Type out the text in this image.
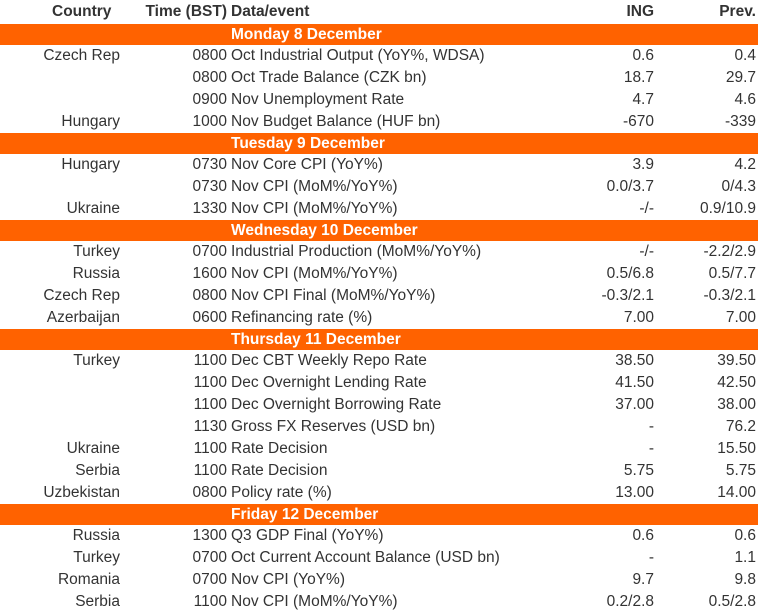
Country	Time (BST)	Data/event	ING	Prev.
		Monday 8 December		
Czech Rep	0800	Oct Industrial Output (YoY%, WDSA)	0.6	0.4
	0800	Oct Trade Balance (CZK bn)	18.7	29.7
	0900	Nov Unemployment Rate	4.7	4.6
Hungary	1000	Nov Budget Balance (HUF bn)	-670	-339
		Tuesday 9 December		
Hungary	0730	Nov Core CPI (YoY%)	3.9	4.2
	0730	Nov CPI (MoM%/YoY%)	0.0/3.7	0/4.3
Ukraine	1330	Nov CPI (MoM%/YoY%)	-/-	0.9/10.9
		Wednesday 10 December		
Turkey	0700	Industrial Production (MoM%/YoY%)	-/-	-2.2/2.9
Russia	1600	Nov CPI (MoM%/YoY%)	0.5/6.8	0.5/7.7
Czech Rep	0800	Nov CPI Final (MoM%/YoY%)	-0.3/2.1	-0.3/2.1
Azerbaijan	0600	Refinancing rate (%)	7.00	7.00
		Thursday 11 December		
Turkey	1100	Dec CBT Weekly Repo Rate	38.50	39.50
	1100	Dec Overnight Lending Rate	41.50	42.50
	1100	Dec Overnight Borrowing Rate	37.00	38.00
	1130	Gross FX Reserves (USD bn)	-	76.2
Ukraine	1100	Rate Decision	-	15.50
Serbia	1100	Rate Decision	5.75	5.75
Uzbekistan	0800	Policy rate (%)	13.00	14.00
		Friday 12 December		
Russia	1300	Q3 GDP Final (YoY%)	0.6	0.6
Turkey	0700	Oct Current Account Balance (USD bn)	-	1.1
Romania	0700	Nov CPI (YoY%)	9.7	9.8
Serbia	1100	Nov CPI (MoM%/YoY%)	0.2/2.8	0.5/2.8
